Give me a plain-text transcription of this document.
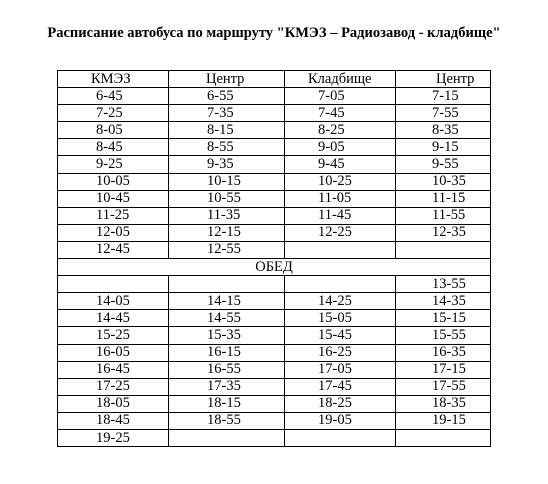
Расписание автобуса по маршруту "КМЭЗ – Радиозавод - кладбище"
КМЭЗ	Центр	Кладбище	Центр
6-45	6-55	7-05	7-15
7-25	7-35	7-45	7-55
8-05	8-15	8-25	8-35
8-45	8-55	9-05	9-15
9-25	9-35	9-45	9-55
10-05	10-15	10-25	10-35
10-45	10-55	11-05	11-15
11-25	11-35	11-45	11-55
12-05	12-15	12-25	12-35
12-45	12-55		
ОБЕД			
			13-55
14-05	14-15	14-25	14-35
14-45	14-55	15-05	15-15
15-25	15-35	15-45	15-55
16-05	16-15	16-25	16-35
16-45	16-55	17-05	17-15
17-25	17-35	17-45	17-55
18-05	18-15	18-25	18-35
18-45	18-55	19-05	19-15
19-25			
